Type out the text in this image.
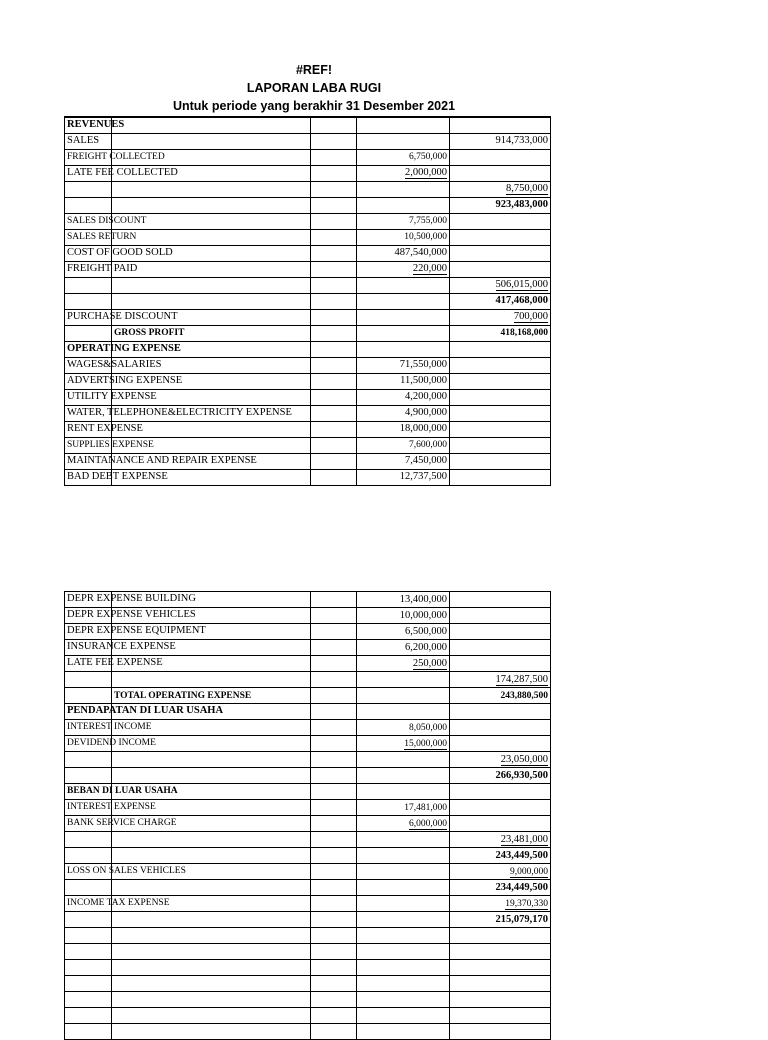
#REF!
LAPORAN LABA RUGI
Untuk periode yang berakhir 31 Desember 2021
REVENUES				

SALES				914,733,000

FREIGHT COLLECTED			6,750,000	

LATE FEE COLLECTED			2,000,000	

				8,750,000

				923,483,000

SALES DISCOUNT			7,755,000	

SALES RETURN			10,500,000	

COST OF GOOD SOLD			487,540,000	

FREIGHT PAID			220,000	

				506,015,000

				417,468,000

PURCHASE DISCOUNT				700,000

	GROSS PROFIT			418,168,000

OPERATING EXPENSE				

WAGES&SALARIES			71,550,000	

ADVERTSING EXPENSE			11,500,000	

UTILITY EXPENSE			4,200,000	

WATER, TELEPHONE&ELECTRICITY EXPENSE			4,900,000	

RENT EXPENSE			18,000,000	

SUPPLIES EXPENSE			7,600,000	

MAINTANANCE AND REPAIR EXPENSE			7,450,000	

BAD DEBT EXPENSE			12,737,500	
DEPR EXPENSE BUILDING			13,400,000	

DEPR EXPENSE VEHICLES			10,000,000	

DEPR EXPENSE EQUIPMENT			6,500,000	

INSURANCE EXPENSE			6,200,000	

LATE FEE EXPENSE			250,000	

				174,287,500

	TOTAL OPERATING EXPENSE			243,880,500

PENDAPATAN DI LUAR USAHA				

INTEREST INCOME			8,050,000	

DEVIDEND INCOME			15,000,000	

				23,050,000

				266,930,500

BEBAN DI LUAR USAHA				

INTEREST EXPENSE			17,481,000	

BANK SERVICE CHARGE			6,000,000	

				23,481,000

				243,449,500

LOSS ON SALES VEHICLES				9,000,000

				234,449,500

INCOME TAX EXPENSE				19,370,330

				215,079,170
